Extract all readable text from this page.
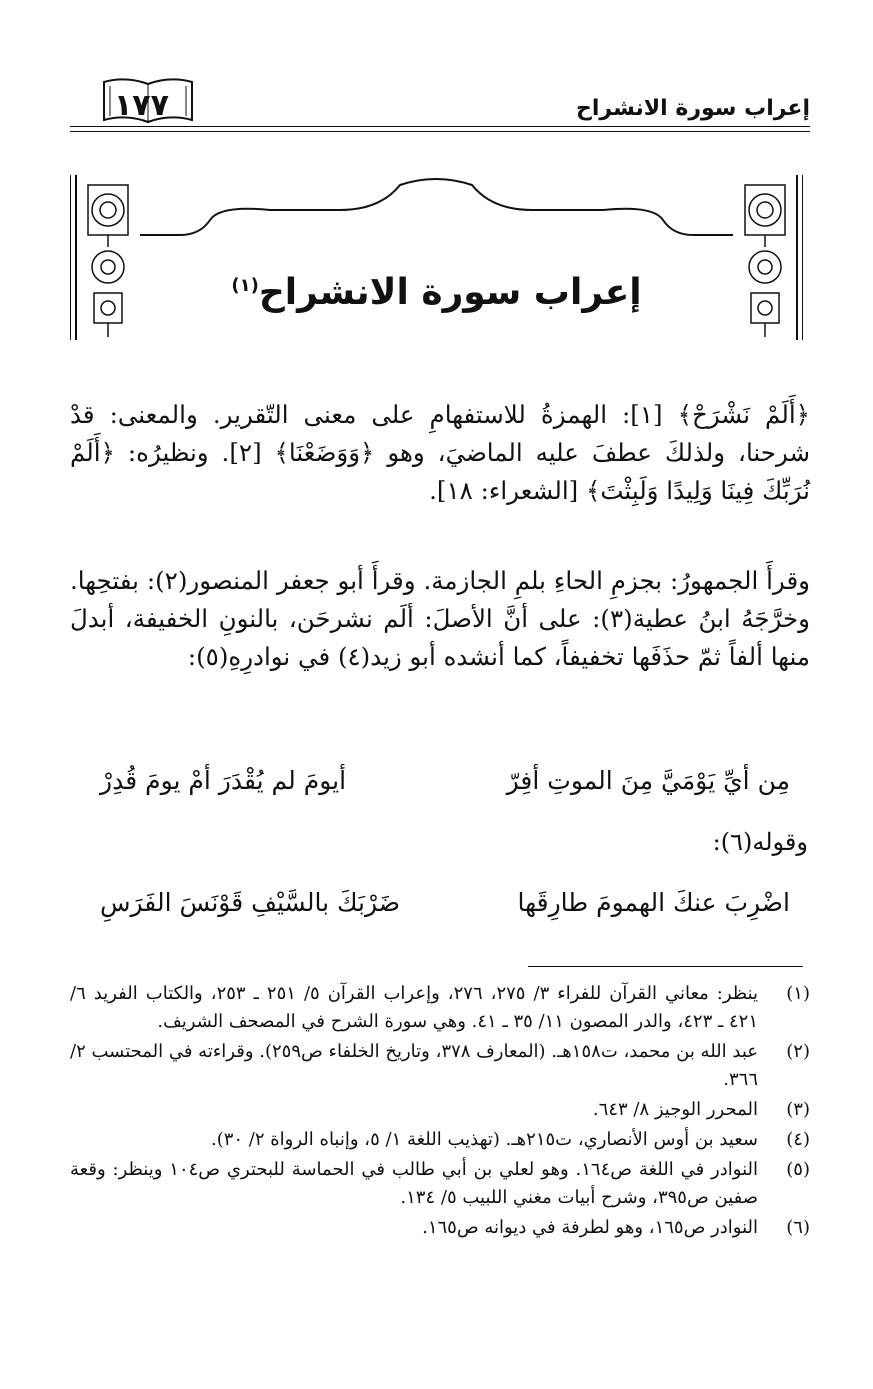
١٧٧	إعراب سورة الانشراح
إعراب سورة الانشراح$^{(١)}$
﴿أَلَمْ نَشْرَحْ﴾ [١]: الهمزةُ للاستفهامِ على معنى التّقرير. والمعنى: قدْ شرحنا، ولذلكَ عطفَ عليه الماضيَ، وهو ﴿وَوَضَعْنَا﴾ [٢]. ونظيرُه: ﴿أَلَمْ نُرَبِّكَ فِينَا وَلِيدًا وَلَبِثْتَ﴾ [الشعراء: ١٨].
وقرأَ الجمهورُ: بجزمِ الحاءِ بلمِ الجازمة. وقرأَ أبو جعفر المنصور(٢): بفتحِها. وخرَّجَهُ ابنُ عطية(٣): على أنَّ الأصلَ: ألَم نشرحَن، بالنونِ الخفيفة، أبدلَ منها ألفاً ثمّ حذَفَها تخفيفاً، كما أنشده أبو زيد(٤) في نوادرِهِ(٥):
مِن أيِّ يَوْمَيَّ مِنَ الموتِ أفِرّ
أيومَ لم يُقْدَرَ أمْ يومَ قُدِرْ
وقوله(٦):
اضْرِبَ عنكَ الهمومَ طارِقَها
ضَرْبَكَ بالسَّيْفِ قَوْنَسَ الفَرَسِ
(١)
ينظر: معاني القرآن للفراء ٣/ ٢٧٥، ٢٧٦، وإعراب القرآن ٥/ ٢٥١ ـ ٢٥٣، والكتاب الفريد ٦/ ٤٢١ ـ ٤٢٣، والدر المصون ١١/ ٣٥ ـ ٤١. وهي سورة الشرح في المصحف الشريف.
(٢)
عبد الله بن محمد، ت١٥٨هـ. (المعارف ٣٧٨، وتاريخ الخلفاء ص٢٥٩). وقراءته في المحتسب ٢/ ٣٦٦.
(٣)
المحرر الوجيز ٨/ ٦٤٣.
(٤)
سعيد بن أوس الأنصاري، ت٢١٥هـ. (تهذيب اللغة ١/ ٥، وإنباه الرواة ٢/ ٣٠).
(٥)
النوادر في اللغة ص١٦٤. وهو لعلي بن أبي طالب في الحماسة للبحتري ص١٠٤ وينظر: وقعة صفين ص٣٩٥، وشرح أبيات مغني اللبيب ٥/ ١٣٤.
(٦)
النوادر ص١٦٥، وهو لطرفة في ديوانه ص١٦٥.
